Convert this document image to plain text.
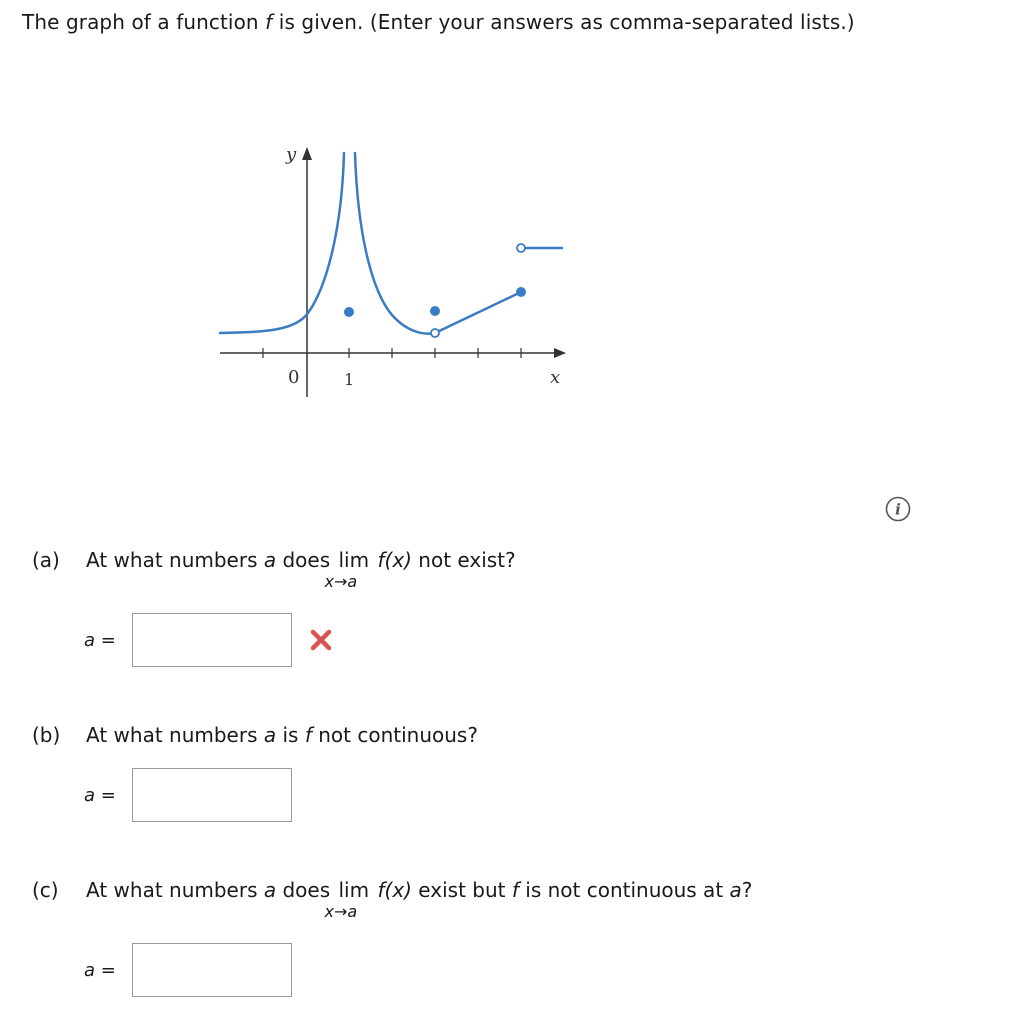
The graph of a function f is given. (Enter your answers as comma-separated lists.)
y
x
0	1
i
(a) At what numbers a does lim
x→a
f(x) not exist?
a =
(b) At what numbers a is f not continuous?
a =
(c) At what numbers a does lim
x→a
f(x) exist but f is not continuous at a?
a =
